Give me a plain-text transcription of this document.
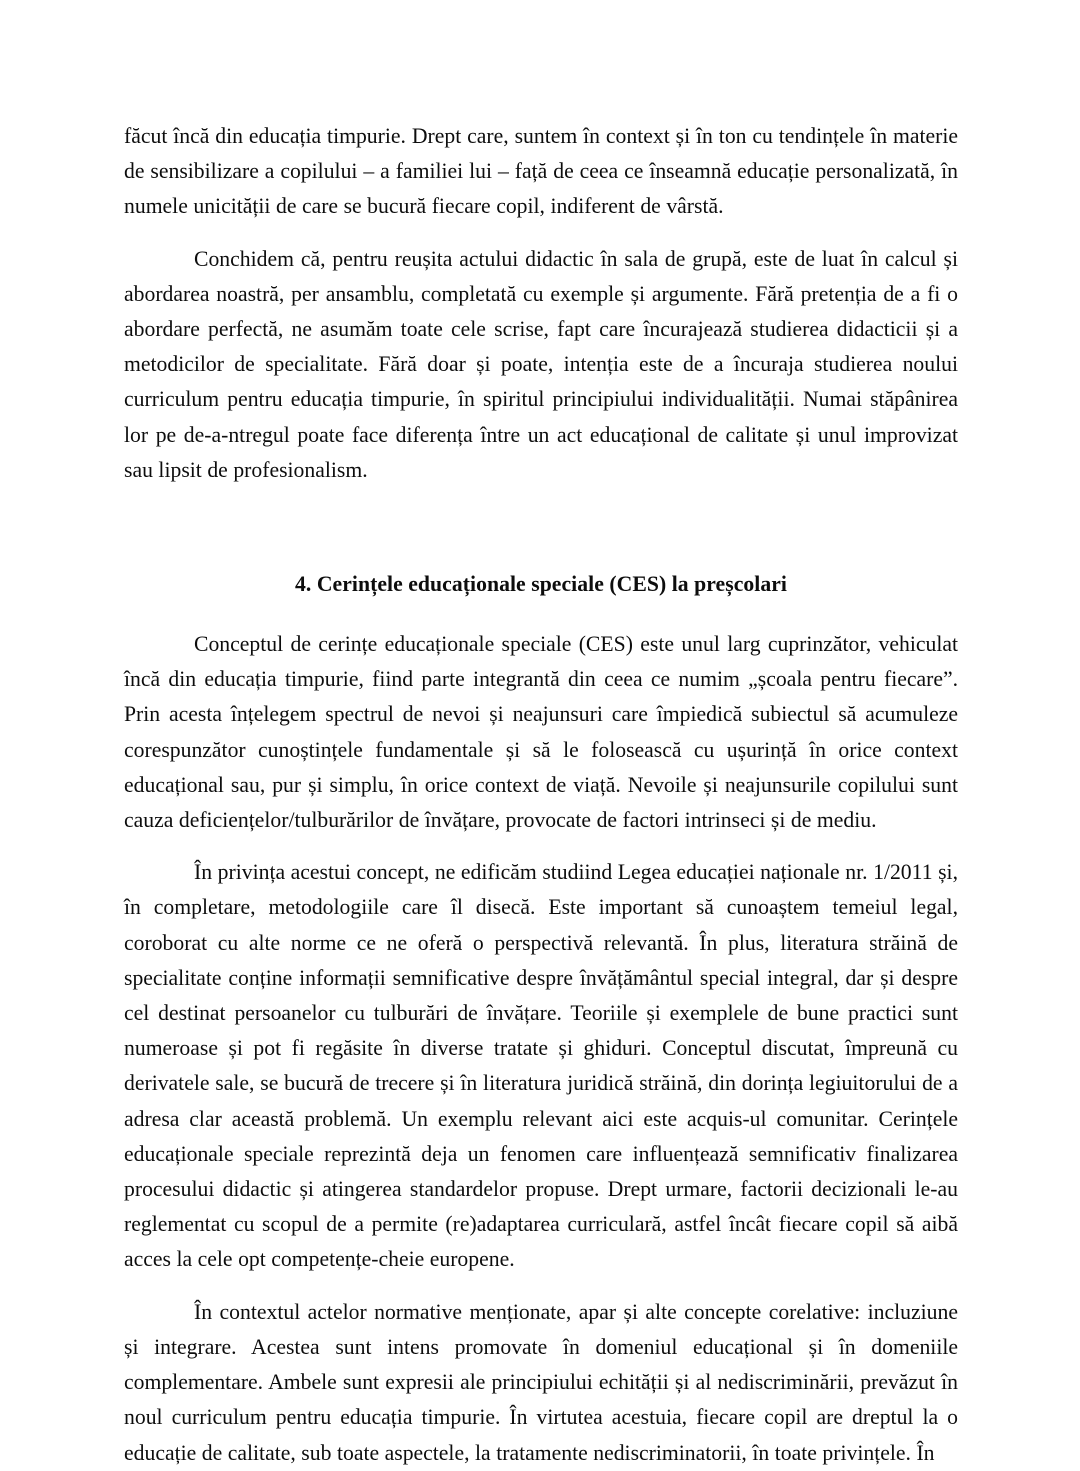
făcut încă din educația timpurie. Drept care, suntem în context și în ton cu tendințele în materie de sensibilizare a copilului – a familiei lui – față de ceea ce înseamnă educație personalizată, în numele unicității de care se bucură fiecare copil, indiferent de vârstă.

Conchidem că, pentru reușita actului didactic în sala de grupă, este de luat în calcul și abordarea noastră, per ansamblu, completată cu exemple și argumente. Fără pretenția de a fi o abordare perfectă, ne asumăm toate cele scrise, fapt care încurajează studierea didacticii și a metodicilor de specialitate. Fără doar și poate, intenția este de a încuraja studierea noului curriculum pentru educația timpurie, în spiritul principiului individualității. Numai stăpânirea lor pe de-a-ntregul poate face diferența între un act educațional de calitate și unul improvizat sau lipsit de profesionalism.

4. Cerințele educaționale speciale (CES) la preșcolari

Conceptul de cerințe educaționale speciale (CES) este unul larg cuprinzător, vehiculat încă din educația timpurie, fiind parte integrantă din ceea ce numim „școala pentru fiecare”. Prin acesta înțelegem spectrul de nevoi și neajunsuri care împiedică subiectul să acumuleze corespunzător cunoștințele fundamentale și să le folosească cu ușurință în orice context educațional sau, pur și simplu, în orice context de viață. Nevoile și neajunsurile copilului sunt cauza deficiențelor/tulburărilor de învățare, provocate de factori intrinseci și de mediu.

În privința acestui concept, ne edificăm studiind Legea educației naționale nr. 1/2011 și, în completare, metodologiile care îl disecă. Este important să cunoaștem temeiul legal, coroborat cu alte norme ce ne oferă o perspectivă relevantă. În plus, literatura străină de specialitate conține informații semnificative despre învățământul special integral, dar și despre cel destinat persoanelor cu tulburări de învățare. Teoriile și exemplele de bune practici sunt numeroase și pot fi regăsite în diverse tratate și ghiduri. Conceptul discutat, împreună cu derivatele sale, se bucură de trecere și în literatura juridică străină, din dorința legiuitorului de a adresa clar această problemă. Un exemplu relevant aici este acquis-ul comunitar. Cerințele educaționale speciale reprezintă deja un fenomen care influențează semnificativ finalizarea procesului didactic și atingerea standardelor propuse. Drept urmare, factorii decizionali le-au reglementat cu scopul de a permite (re)adaptarea curriculară, astfel încât fiecare copil să aibă acces la cele opt competențe-cheie europene.

În contextul actelor normative menționate, apar și alte concepte corelative: incluziune și integrare. Acestea sunt intens promovate în domeniul educațional și în domeniile complementare. Ambele sunt expresii ale principiului echității și al nediscriminării, prevăzut în noul curriculum pentru educația timpurie. În virtutea acestuia, fiecare copil are dreptul la o educație de calitate, sub toate aspectele, la tratamente nediscriminatorii, în toate privințele. În
